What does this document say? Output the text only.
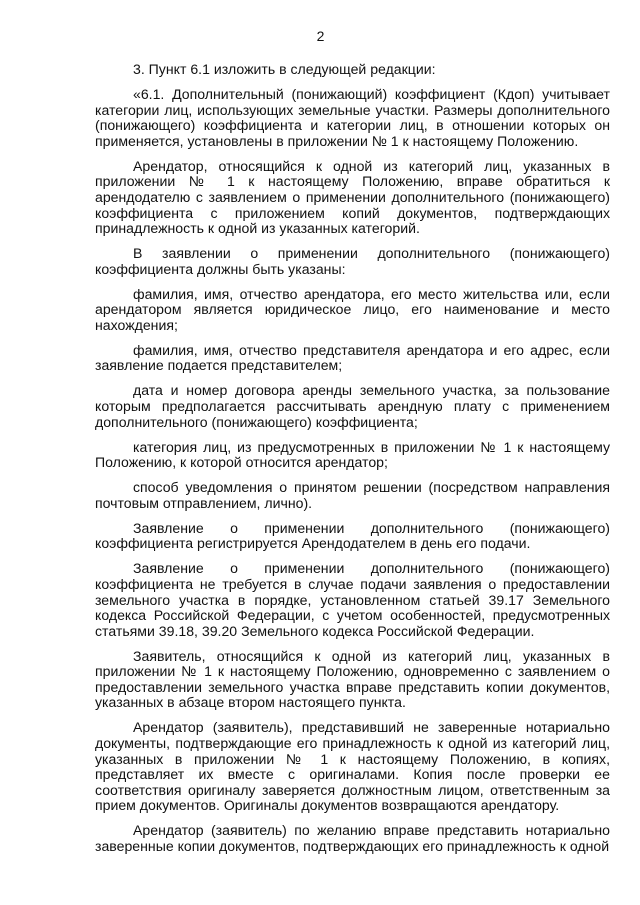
2

3. Пункт 6.1 изложить в следующей редакции:

«6.1. Дополнительный (понижающий) коэффициент (Кдоп) учитывает категории лиц, использующих земельные участки. Размеры дополнительного (понижающего) коэффициента и категории лиц, в отношении которых он применяется, установлены в приложении № 1 к настоящему Положению.

Арендатор, относящийся к одной из категорий лиц, указанных в приложении № 1 к настоящему Положению, вправе обратиться к арендодателю с заявлением о применении дополнительного (понижающего) коэффициента с приложением копий документов, подтверждающих принадлежность к одной из указанных категорий.

В заявлении о применении дополнительного (понижающего) коэффициента должны быть указаны:

фамилия, имя, отчество арендатора, его место жительства или, если арендатором является юридическое лицо, его наименование и место нахождения;

фамилия, имя, отчество представителя арендатора и его адрес, если заявление подается представителем;

дата и номер договора аренды земельного участка, за пользование которым предполагается рассчитывать арендную плату с применением дополнительного (понижающего) коэффициента;

категория лиц, из предусмотренных в приложении № 1 к настоящему Положению, к которой относится арендатор;

способ уведомления о принятом решении (посредством направления почтовым отправлением, лично).

Заявление о применении дополнительного (понижающего) коэффициента регистрируется Арендодателем в день его подачи.

Заявление о применении дополнительного (понижающего) коэффициента не требуется в случае подачи заявления о предоставлении земельного участка в порядке, установленном статьей 39.17 Земельного кодекса Российской Федерации, с учетом особенностей, предусмотренных статьями 39.18, 39.20 Земельного кодекса Российской Федерации.

Заявитель, относящийся к одной из категорий лиц, указанных в приложении № 1 к настоящему Положению, одновременно с заявлением о предоставлении земельного участка вправе представить копии документов, указанных в абзаце втором настоящего пункта.

Арендатор (заявитель), представивший не заверенные нотариально документы, подтверждающие его принадлежность к одной из категорий лиц, указанных в приложении № 1 к настоящему Положению, в копиях, представляет их вместе с оригиналами. Копия после проверки ее соответствия оригиналу заверяется должностным лицом, ответственным за прием документов. Оригиналы документов возвращаются арендатору.

Арендатор (заявитель) по желанию вправе представить нотариально заверенные копии документов, подтверждающих его принадлежность к одной
